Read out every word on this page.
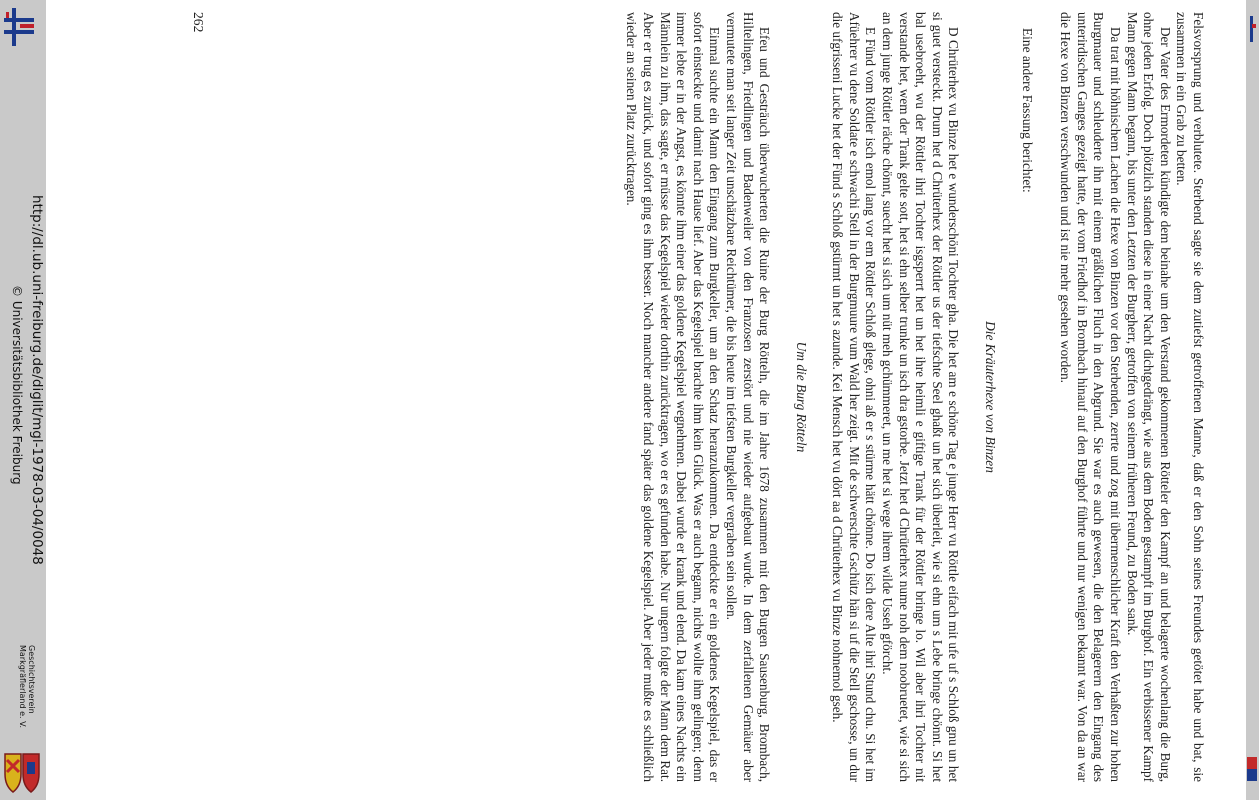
http://dl.ub.uni-freiburg.de/diglit/mgl-1978-03-04/0048
© Universitätsbibliothek Freiburg
Geschichtsverein
Markgräflerland e. V.	Felsvorsprung und verblutete. Sterbend sagte sie dem zutiefst getroffenen Manne, daß er den Sohn seines Freundes getötet habe und bat, sie zusammen in ein Grab zu betten.

Der Vater des Ermordeten kündigte dem beinahe um den Verstand gekommenen Rötteler den Kampf an und belagerte wochenlang die Burg, ohne jeden Erfolg. Doch plötzlich standen diese in einer Nacht dichtgedrängt, wie aus dem Boden gestampft im Burghof. Ein verbissener Kampf Mann gegen Mann begann, bis unter den Letzten der Burgherr, getroffen von seinem früheren Freund, zu Boden sank.

Da trat mit höhnischem Lachen die Hexe von Binzen vor den Sterbenden, zerrte und zog mit übermenschlicher Kraft den Verhaßten zur hohen Burgmauer und schleuderte ihn mit einem gräßlichen Fluch in den Abgrund. Sie war es auch gewesen, die den Belagerern den Eingang des unterirdischen Ganges gezeigt hatte, der vom Friedhof in Brombach hinauf auf den Burghof führte und nur wenigen bekannt war. Von da an war die Hexe von Binzen verschwunden und ist nie mehr gesehen worden.

Eine andere Fassung berichtet:
Die Kräuterhexe von Binzen

D Chrüterhex vu Binze het e wunderschöni Tochter gha. Die het am e schöne Tag e junge Herr vu Röttle eifach mit ufe uf s Schloß gnu un het si guet versteckt. Drum het d Chrüterhex der Röttler us der tiefschte Seel ghaßt un het sich überleit, wie si ehn um s Lebe bringe chönnt. Si het bal usebroeht, wu der Röttler ihri Tochter isgsperrt het un het ihre heimli e giftige Trank für der Röttler bringe lo. Wil aber ihri Tochter nit verstande het, wem der Trank gelte sott, het si ehn selber trunke un isch dra gstorbe. Jetzt het d Chrüterhex nume noh dem noobruetet, wie si sich an dem junge Röttler räche chönnt, suecht het si sich um nüt meh gchümmeret, un me het si wege ihrem wilde Usseh gförcht.

E Fünd vom Röttler isch emol lang vor em Röttler Schloß glege, ohni aß er s stürme hätt chönne. Do isch dere Alte ihri Stund chu. Si het im Afüehrer vu dene Soldate e schwachi Stell in der Burgmuure vum Wald her zeigt. Mit de schwerschte Gschütz hän si uf die Stell gschosse, un dur die ufgrisseni Lucke het der Fünd s Schloß gstürmt un het s azunde. Kei Mensch het vu dört aa d Chrüterhex vu Binze nohnemol gseh.

Um die Burg Rötteln

Efeu und Gesträuch überwucherten die Ruine der Burg Rötteln, die im Jahre 1678 zusammen mit den Burgen Sausenburg, Brombach, Hiltelingen, Friedlingen und Badenweiler von den Franzosen zerstört und nie wieder aufgebaut wurde. In dem zerfallenen Gemäuer aber vermutete man seit langer Zeit unschätzbare Reichtümer, die bis heute im tiefsten Burgkeller vergraben sein sollen.

Einmal suchte ein Mann den Eingang zum Burgkeller, um an den Schatz heranzukommen. Da entdeckte er ein goldenes Kegelspiel, das er sofort einsteckte und damit nach Hause lief. Aber das Kegelspiel brachte ihm kein Glück. Was er auch begann, nichts wollte ihm gelingen; denn immer lebte er in der Angst, es könnte ihm einer das goldene Kegelspiel wegnehmen. Dabei wurde er krank und elend. Da kam eines Nachts ein Männlein zu ihm, das sagte, er müsse das Kegelspiel wieder dorthin zurücktragen, wo er es gefunden habe. Nur ungern folgte der Mann dem Rat. Aber er trug es zurück, und sofort ging es ihm besser. Noch mancher andere fand später das goldene Kegelspiel. Aber jeder mußte es schließlich wieder an seinen Platz zurücktragen.

262
